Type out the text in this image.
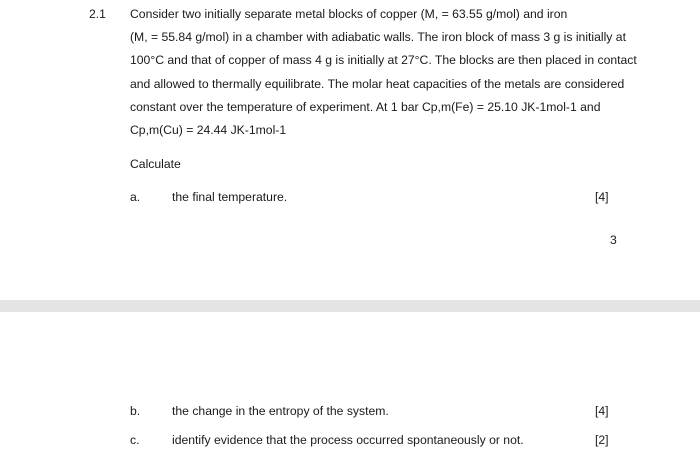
2.1 Consider two initially separate metal blocks of copper (M, = 63.55 g/mol) and iron
(M, = 55.84 g/mol) in a chamber with adiabatic walls. The iron block of mass 3 g is initially at
100°C and that of copper of mass 4 g is initially at 27°C. The blocks are then placed in contact
and allowed to thermally equilibrate. The molar heat capacities of the metals are considered
constant over the temperature of experiment. At 1 bar Cp,m(Fe) = 25.10 JK-1mol-1 and
Cp,m(Cu) = 24.44 JK-1mol-1
Calculate
a.	the final temperature.	[4]
3
b.	the change in the entropy of the system.	[4]
c.	identify evidence that the process occurred spontaneously or not.	[2]
